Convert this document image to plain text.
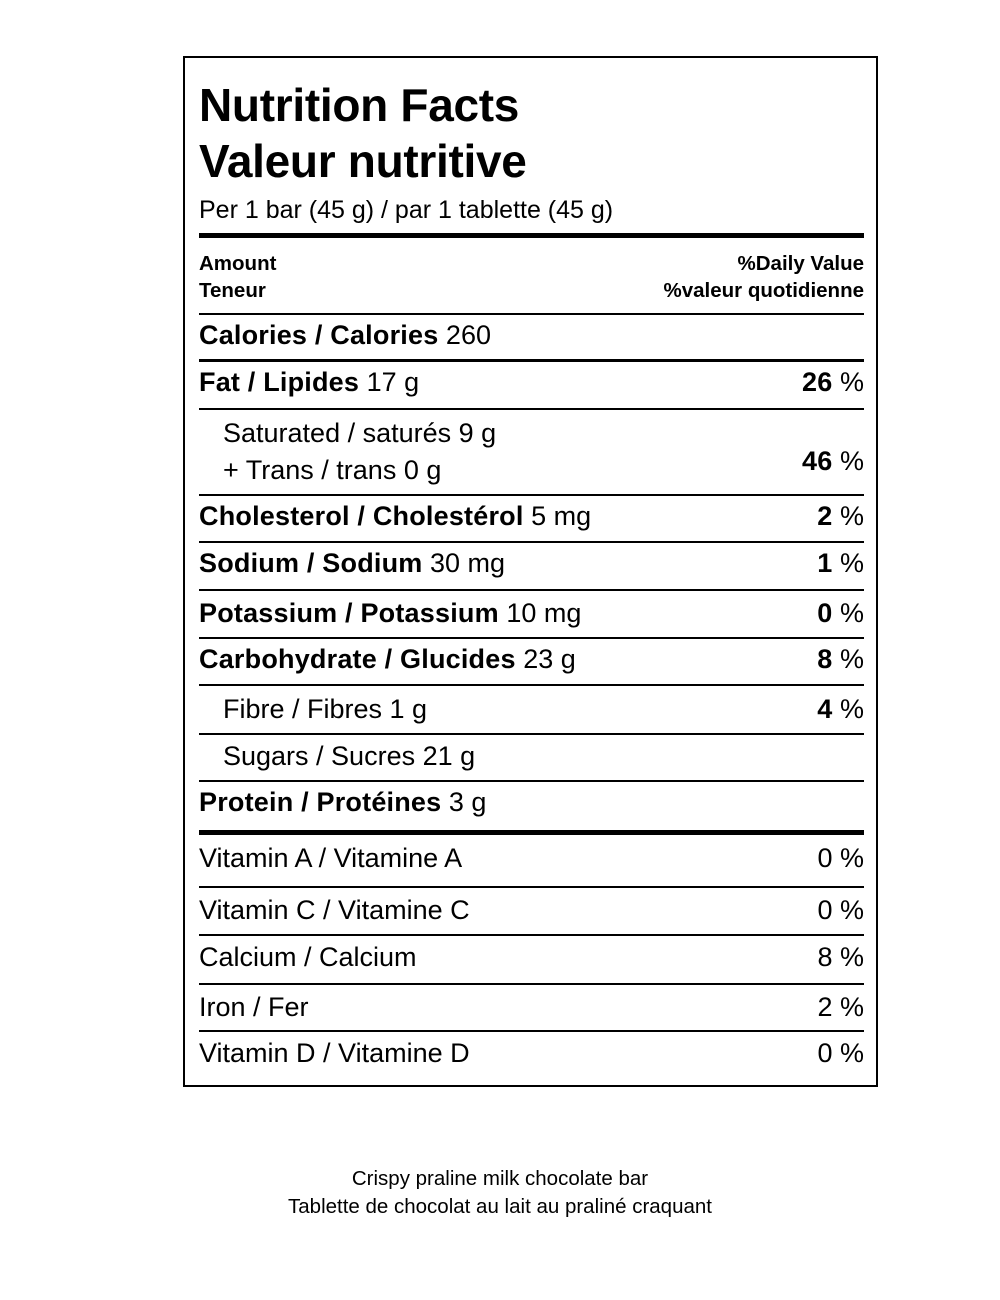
Nutrition Facts
Valeur nutritive
Per 1 bar (45 g) / par 1 tablette (45 g)
Amount
Teneur
%Daily Value
%valeur quotidienne
Calories / Calories 260
Fat / Lipides 17 g	26 %
Saturated / saturés 9 g
+ Trans / trans 0 g	46 %
Cholesterol / Cholestérol 5 mg	2 %
Sodium / Sodium 30 mg	1 %
Potassium / Potassium 10 mg	0 %
Carbohydrate / Glucides 23 g	8 %
Fibre / Fibres 1 g	4 %
Sugars / Sucres 21 g
Protein / Protéines 3 g
Vitamin A / Vitamine A	0 %
Vitamin C / Vitamine C	0 %
Calcium / Calcium	8 %
Iron / Fer	2 %
Vitamin D / Vitamine D	0 %
Crispy praline milk chocolate bar
Tablette de chocolat au lait au praliné craquant
